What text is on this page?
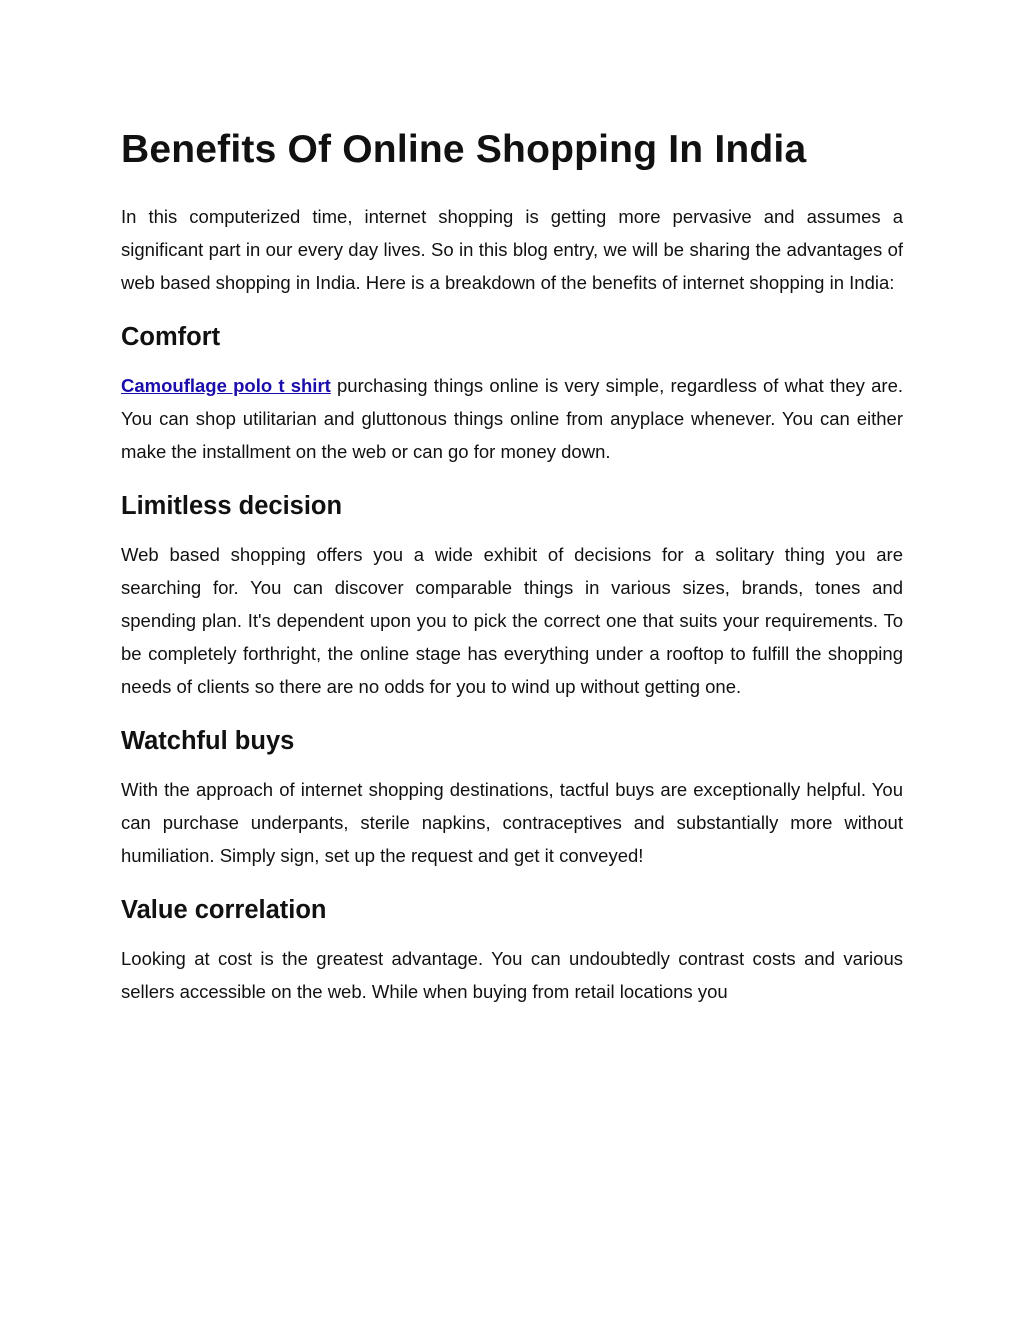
Benefits Of Online Shopping In India

In this computerized time, internet shopping is getting more pervasive and assumes a significant part in our every day lives. So in this blog entry, we will be sharing the advantages of web based shopping in India. Here is a breakdown of the benefits of internet shopping in India:

Comfort

Camouflage polo t shirt purchasing things online is very simple, regardless of what they are. You can shop utilitarian and gluttonous things online from anyplace whenever. You can either make the installment on the web or can go for money down.

Limitless decision

Web based shopping offers you a wide exhibit of decisions for a solitary thing you are searching for. You can discover comparable things in various sizes, brands, tones and spending plan. It's dependent upon you to pick the correct one that suits your requirements. To be completely forthright, the online stage has everything under a rooftop to fulfill the shopping needs of clients so there are no odds for you to wind up without getting one.

Watchful buys

With the approach of internet shopping destinations, tactful buys are exceptionally helpful. You can purchase underpants, sterile napkins, contraceptives and substantially more without humiliation. Simply sign, set up the request and get it conveyed!

Value correlation

Looking at cost is the greatest advantage. You can undoubtedly contrast costs and various sellers accessible on the web. While when buying from retail locations you
